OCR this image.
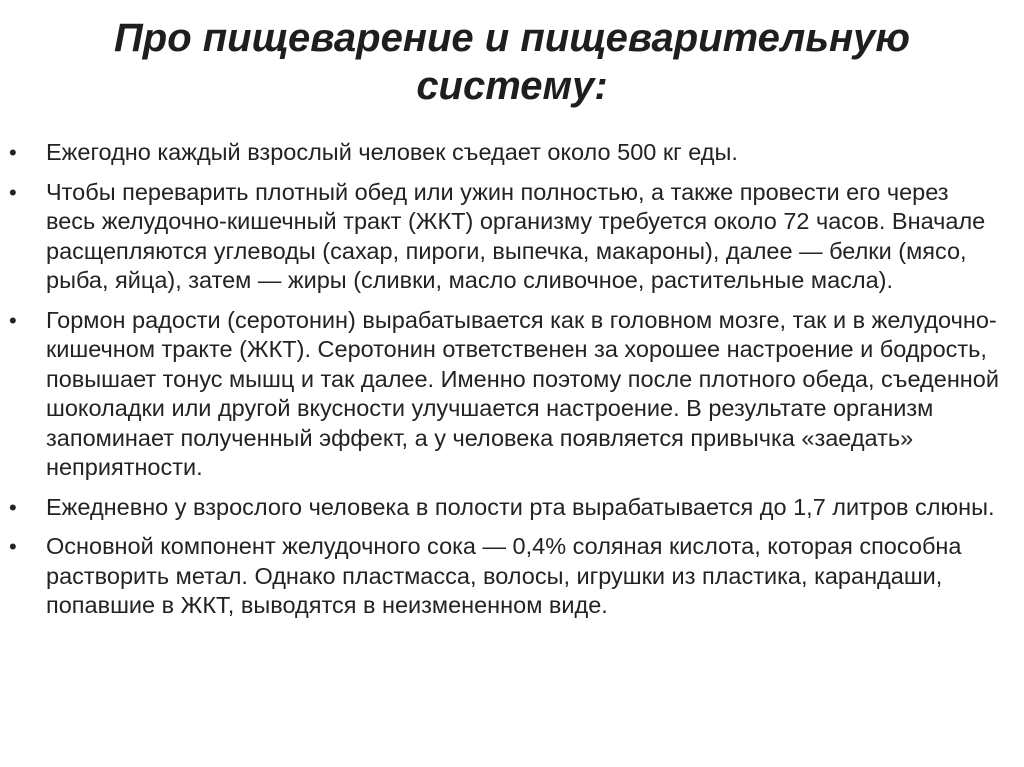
Про пищеварение и пищеварительную систему:
•	Ежегодно каждый взрослый человек съедает около 500 кг еды.
•	Чтобы переварить плотный обед или ужин полностью, а также провести его через весь желудочно-кишечный тракт (ЖКТ) организму требуется около 72 часов. Вначале расщепляются углеводы (сахар, пироги, выпечка, макароны), далее — белки (мясо, рыба, яйца), затем — жиры (сливки, масло сливочное, растительные масла).
•	Гормон радости (серотонин) вырабатывается как в головном мозге, так и в желудочно-кишечном тракте (ЖКТ). Серотонин ответственен за хорошее настроение и бодрость, повышает тонус мышц и так далее. Именно поэтому после плотного обеда, съеденной шоколадки или другой вкусности улучшается настроение. В результате организм запоминает полученный эффект, а у человека появляется привычка «заедать» неприятности.
•	Ежедневно у взрослого человека в полости рта вырабатывается до 1,7 литров слюны.
•	Основной компонент желудочного сока — 0,4% соляная кислота, которая способна растворить метал. Однако пластмасса, волосы, игрушки из пластика, карандаши, попавшие в ЖКТ, выводятся в неизмененном виде.
